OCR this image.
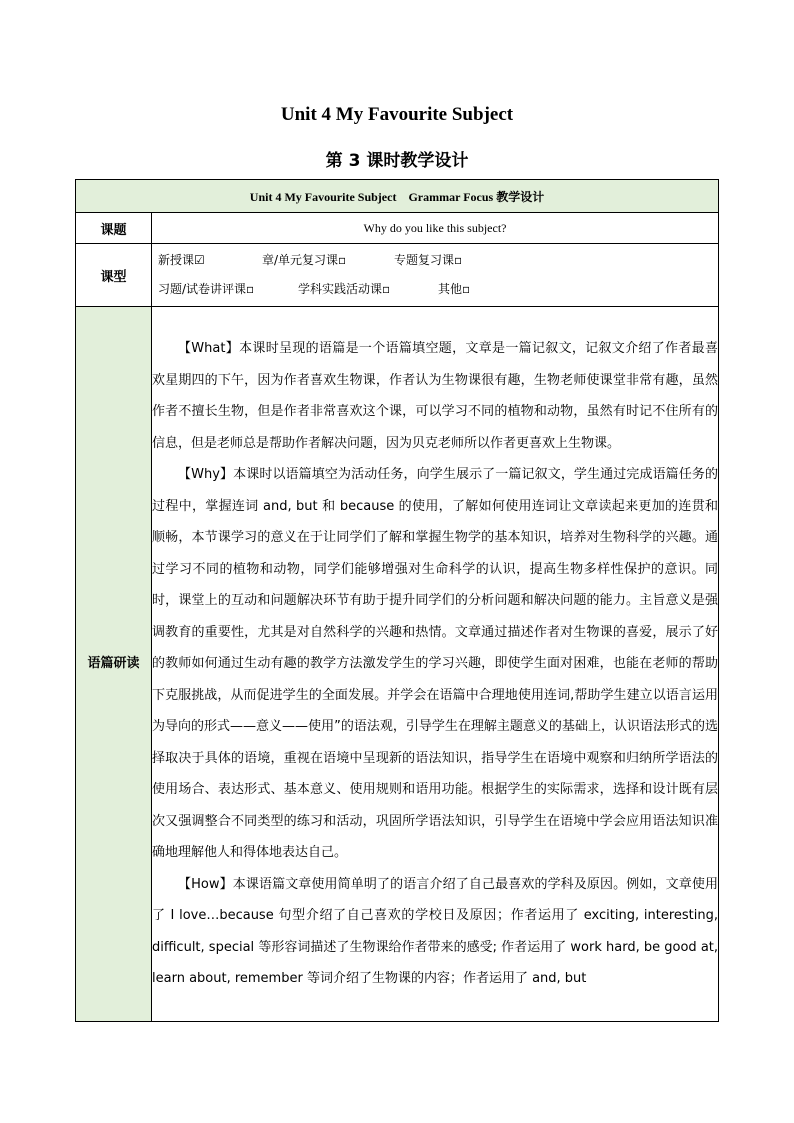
Unit 4 My Favourite Subject
第 3 课时教学设计
Unit 4 My Favourite Subject    Grammar Focus 教学设计	
课题	Why do you like this subject?
课型	新授课☑ 章/单元复习课▫ 专题复习课▫
习题/试卷讲评课▫ 学科实践活动课▫ 其他▫

语篇研读	【What】本课时呈现的语篇是一个语篇填空题，文章是一篇记叙文，记叙文介绍了作者最喜欢星期四的下午，因为作者喜欢生物课，作者认为生物课很有趣，生物老师使课堂非常有趣，虽然作者不擅长生物，但是作者非常喜欢这个课，可以学习不同的植物和动物，虽然有时记不住所有的信息，但是老师总是帮助作者解决问题，因为贝克老师所以作者更喜欢上生物课。

【Why】本课时以语篇填空为活动任务，向学生展示了一篇记叙文，学生通过完成语篇任务的过程中，掌握连词 and, but 和 because 的使用，了解如何使用连词让文章读起来更加的连贯和顺畅，本节课学习的意义在于让同学们了解和掌握生物学的基本知识，培养对生物科学的兴趣。通过学习不同的植物和动物，同学们能够增强对生命科学的认识，提高生物多样性保护的意识。同时，课堂上的互动和问题解决环节有助于提升同学们的分析问题和解决问题的能力。主旨意义是强调教育的重要性，尤其是对自然科学的兴趣和热情。文章通过描述作者对生物课的喜爱，展示了好的教师如何通过生动有趣的教学方法激发学生的学习兴趣，即使学生面对困难，也能在老师的帮助下克服挑战，从而促进学生的全面发展。并学会在语篇中合理地使用连词,帮助学生建立以语言运用为导向的形式——意义——使用”的语法观，引导学生在理解主题意义的基础上，认识语法形式的选择取决于具体的语境，重视在语境中呈现新的语法知识，指导学生在语境中观察和归纳所学语法的使用场合、表达形式、基本意义、使用规则和语用功能。根据学生的实际需求，选择和设计既有层次又强调整合不同类型的练习和活动，巩固所学语法知识，引导学生在语境中学会应用语法知识准确地理解他人和得体地表达自己。

【How】本课语篇文章使用简单明了的语言介绍了自己最喜欢的学科及原因。例如，文章使用了 I love…because 句型介绍了自己喜欢的学校日及原因；作者运用了 exciting, interesting, difficult, special 等形容词描述了生物课给作者带来的感受; 作者运用了 work hard, be good at, learn about, remember 等词介绍了生物课的内容；作者运用了 and, but
